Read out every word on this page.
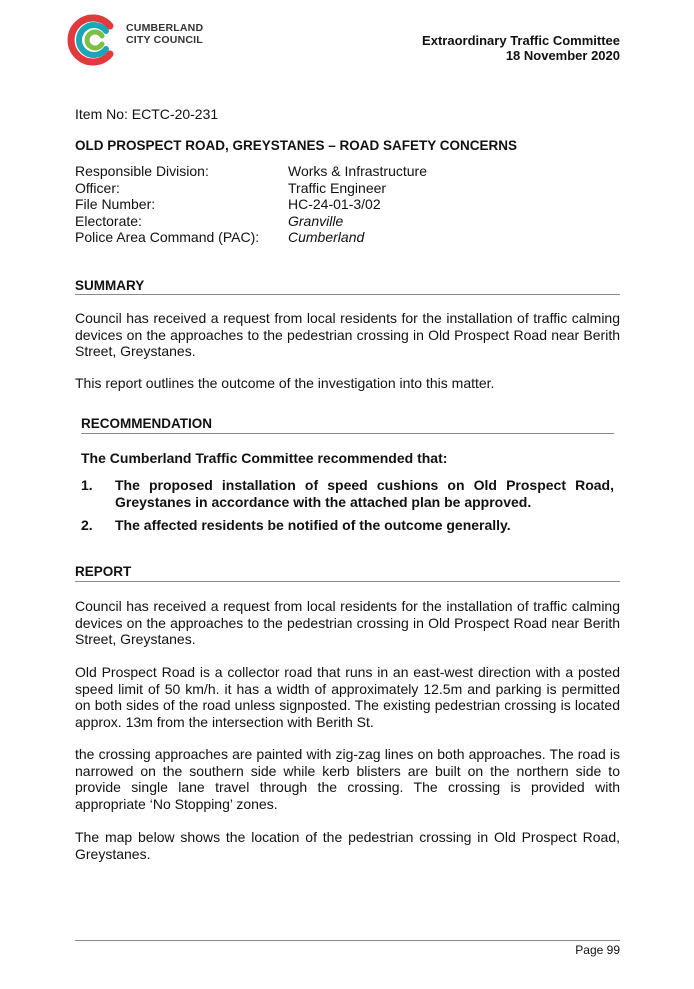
CUMBERLAND
CITY COUNCIL	Extraordinary Traffic Committee
18 November 2020
Item No: ECTC-20-231
OLD PROSPECT ROAD, GREYSTANES – ROAD SAFETY CONCERNS
Responsible Division:	Works & Infrastructure
Officer:	Traffic Engineer
File Number:	HC-24-01-3/02
Electorate:	Granville
Police Area Command (PAC):	Cumberland
SUMMARY

Council has received a request from local residents for the installation of traffic calming devices on the approaches to the pedestrian crossing in Old Prospect Road near Berith Street, Greystanes.

This report outlines the outcome of the investigation into this matter.

RECOMMENDATION
The Cumberland Traffic Committee recommended that:
1.	The proposed installation of speed cushions on Old Prospect Road, Greystanes in accordance with the attached plan be approved.
2.	The affected residents be notified of the outcome generally.
REPORT

Council has received a request from local residents for the installation of traffic calming devices on the approaches to the pedestrian crossing in Old Prospect Road near Berith Street, Greystanes.

Old Prospect Road is a collector road that runs in an east-west direction with a posted speed limit of 50 km/h. it has a width of approximately 12.5m and parking is permitted on both sides of the road unless signposted. The existing pedestrian crossing is located approx. 13m from the intersection with Berith St.

the crossing approaches are painted with zig-zag lines on both approaches. The road is narrowed on the southern side while kerb blisters are built on the northern side to provide single lane travel through the crossing. The crossing is provided with appropriate ‘No Stopping’ zones.

The map below shows the location of the pedestrian crossing in Old Prospect Road, Greystanes.

Page 99
